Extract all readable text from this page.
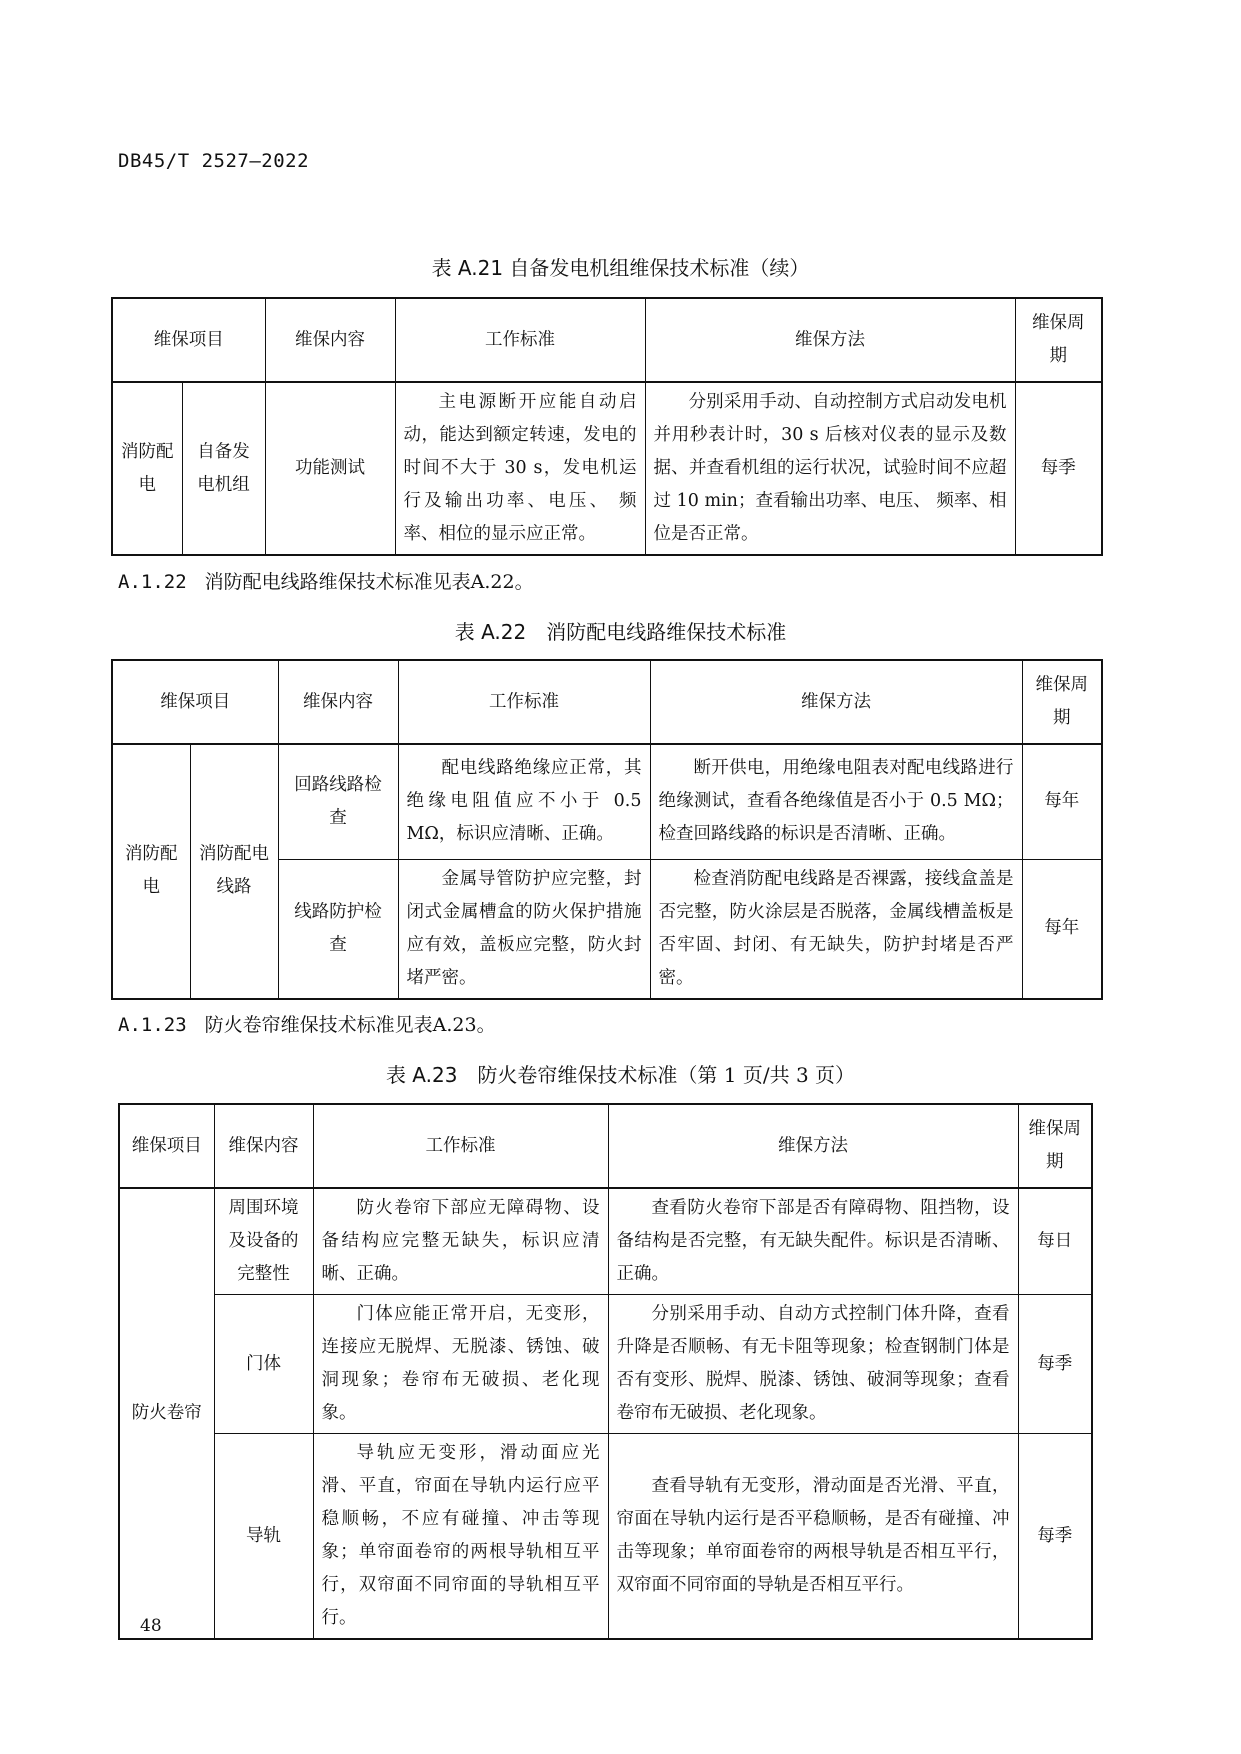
DB45/T 2527—2022
表 A.21 自备发电机组维保技术标准（续）
维保项目		维保内容	工作标准	维保方法	维保周期
消防配电	自备发电机组	功能测试	主电源断开应能自动启动，能达到额定转速，发电的时间不大于 30 s，发电机运行及输出功率、电压、 频率、相位的显示应正常。	分别采用手动、自动控制方式启动发电机并用秒表计时，30 s 后核对仪表的显示及数据、并查看机组的运行状况，试验时间不应超过 10 min；查看输出功率、电压、 频率、相位是否正常。	每季
A.1.22 消防配电线路维保技术标准见表A.22。
表 A.22　消防配电线路维保技术标准
维保项目		维保内容	工作标准	维保方法	维保周期
消防配电	消防配电线路	回路线路检查	配电线路绝缘应正常，其绝缘电阻值应不小于 0.5 MΩ，标识应清晰、正确。	断开供电，用绝缘电阻表对配电线路进行绝缘测试，查看各绝缘值是否小于 0.5 MΩ；检查回路线路的标识是否清晰、正确。	每年
		线路防护检查	金属导管防护应完整，封闭式金属槽盒的防火保护措施应有效，盖板应完整，防火封堵严密。	检查消防配电线路是否裸露，接线盒盖是否完整，防火涂层是否脱落，金属线槽盖板是否牢固、封闭、有无缺失，防护封堵是否严密。	每年
A.1.23 防火卷帘维保技术标准见表A.23。
表 A.23　防火卷帘维保技术标准（第 1 页/共 3 页）
维保项目	维保内容	工作标准	维保方法	维保周期
防火卷帘	周围环境及设备的完整性	防火卷帘下部应无障碍物、设备结构应完整无缺失，标识应清晰、正确。	查看防火卷帘下部是否有障碍物、阻挡物，设备结构是否完整，有无缺失配件。标识是否清晰、正确。	每日
	门体	门体应能正常开启，无变形，连接应无脱焊、无脱漆、锈蚀、破洞现象；卷帘布无破损、老化现象。	分别采用手动、自动方式控制门体升降，查看升降是否顺畅、有无卡阻等现象；检查钢制门体是否有变形、脱焊、脱漆、锈蚀、破洞等现象；查看卷帘布无破损、老化现象。	每季
	导轨	导轨应无变形，滑动面应光滑、平直，帘面在导轨内运行应平稳顺畅，不应有碰撞、冲击等现象；单帘面卷帘的两根导轨相互平行，双帘面不同帘面的导轨相互平行。	查看导轨有无变形，滑动面是否光滑、平直，帘面在导轨内运行是否平稳顺畅，是否有碰撞、冲击等现象；单帘面卷帘的两根导轨是否相互平行，双帘面不同帘面的导轨是否相互平行。	每季
48
